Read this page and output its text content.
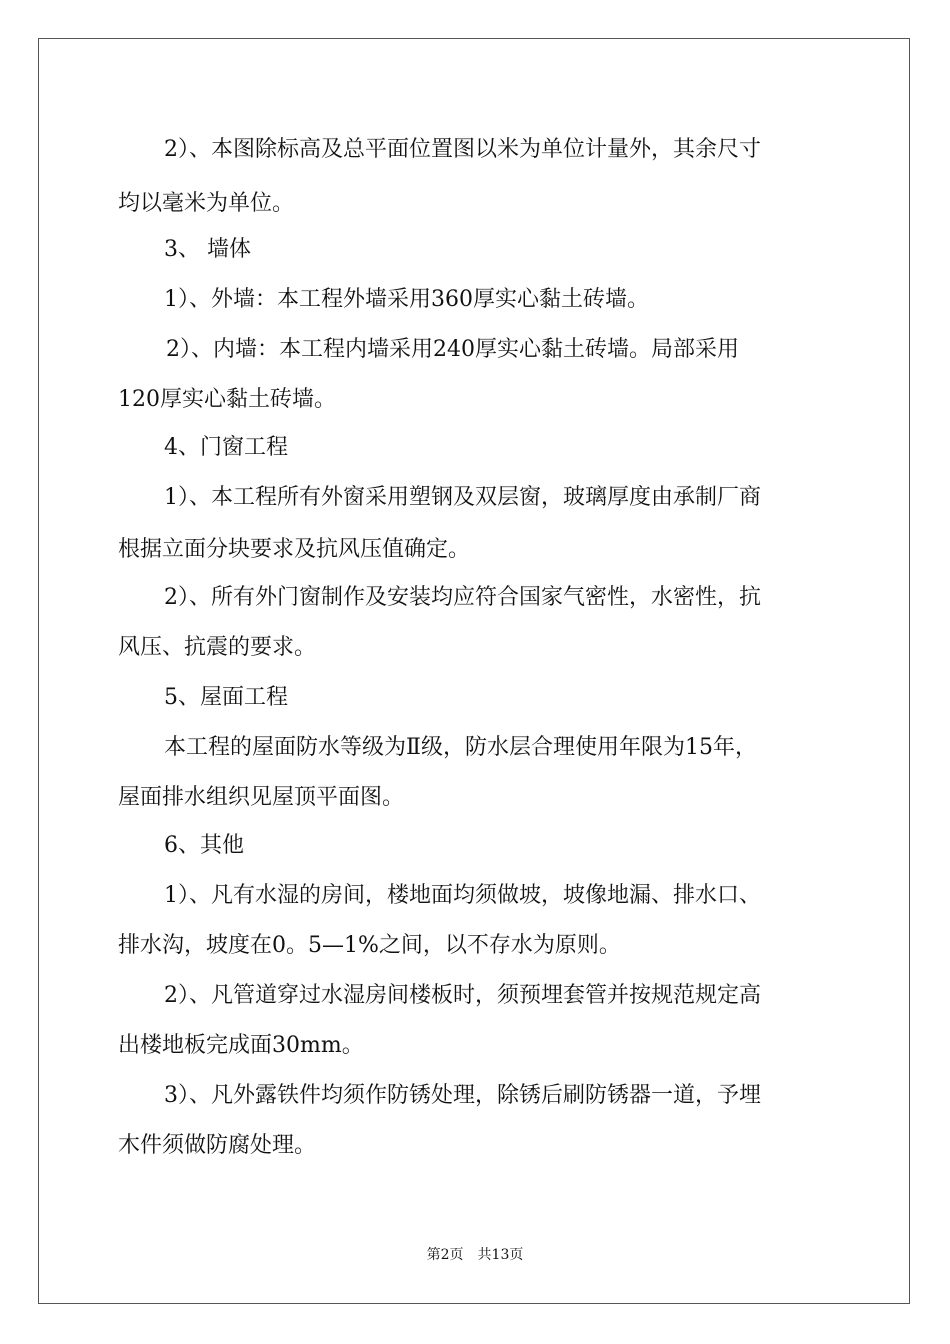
2）、本图除标高及总平面位置图以米为单位计量外，其余尺寸
均以毫米为单位。
3、 墙体
1）、外墙：本工程外墙采用360厚实心黏土砖墙。
2）、内墙：本工程内墙采用240厚实心黏土砖墙。局部采用
120厚实心黏土砖墙。
4、门窗工程
1）、本工程所有外窗采用塑钢及双层窗，玻璃厚度由承制厂商
根据立面分块要求及抗风压值确定。
2）、所有外门窗制作及安装均应符合国家气密性，水密性，抗
风压、抗震的要求。
5、屋面工程
本工程的屋面防水等级为Ⅱ级，防水层合理使用年限为15年，
屋面排水组织见屋顶平面图。
6、其他
1）、凡有水湿的房间，楼地面均须做坡，坡像地漏、排水口、
排水沟，坡度在0。5—1%之间，以不存水为原则。
2）、凡管道穿过水湿房间楼板时，须预埋套管并按规范规定高
出楼地板完成面30mm。
3）、凡外露铁件均须作防锈处理，除锈后刷防锈器一道，予埋
木件须做防腐处理。
第2页　共13页
